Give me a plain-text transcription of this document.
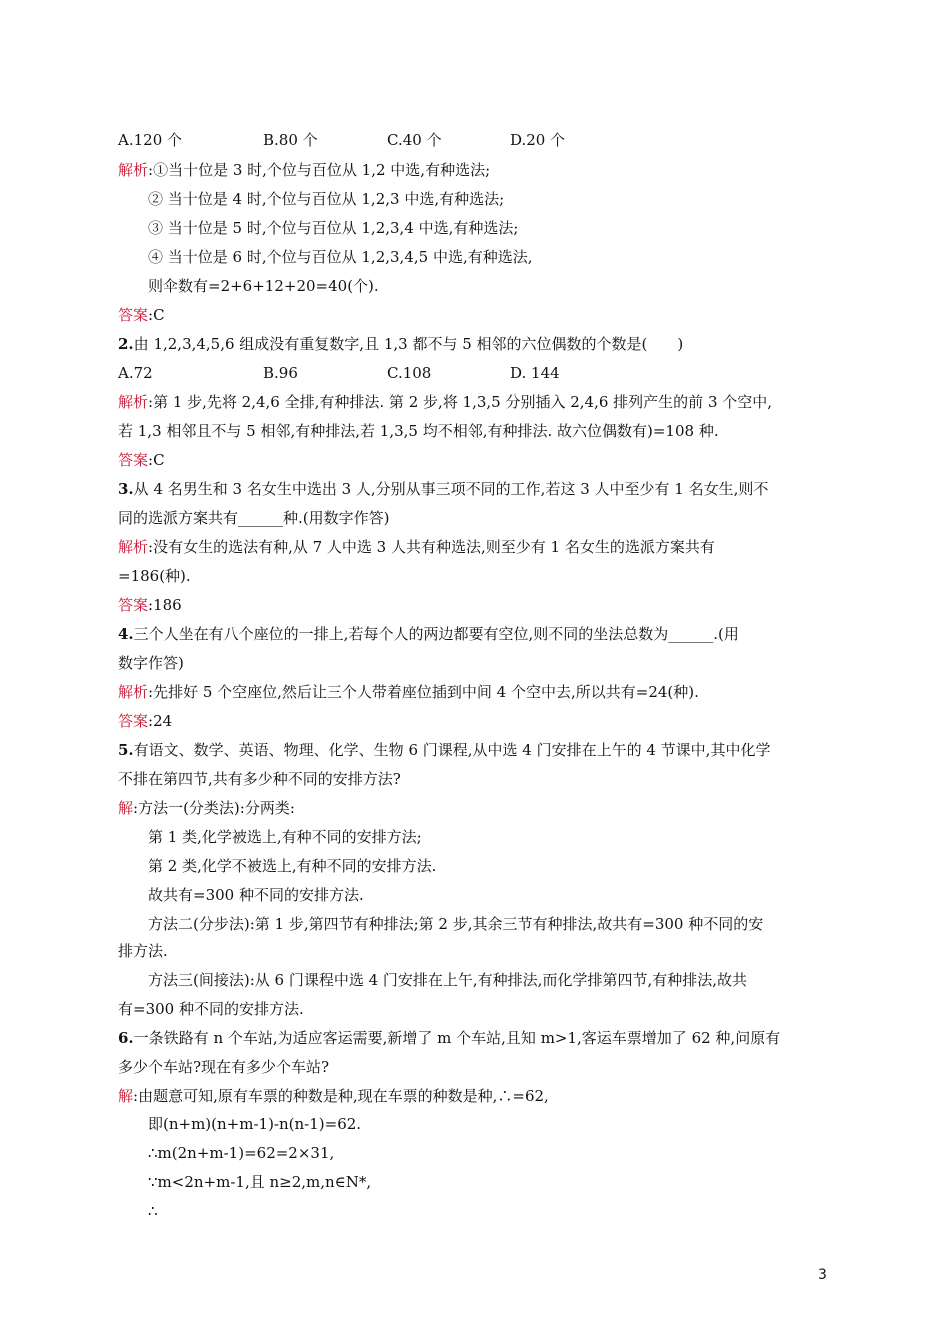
A.120 个	B.80 个	C.40 个	D.20 个
解析:①当十位是 3 时,个位与百位从 1,2 中选,有种选法;
② 当十位是 4 时,个位与百位从 1,2,3 中选,有种选法;
③ 当十位是 5 时,个位与百位从 1,2,3,4 中选,有种选法;
④ 当十位是 6 时,个位与百位从 1,2,3,4,5 中选,有种选法,
则伞数有=2+6+12+20=40(个).
答案:C
2.由 1,2,3,4,5,6 组成没有重复数字,且 1,3 都不与 5 相邻的六位偶数的个数是(　　)
A.72	B.96	C.108	D. 144
解析:第 1 步,先将 2,4,6 全排,有种排法. 第 2 步,将 1,3,5 分别插入 2,4,6 排列产生的前 3 个空中,
若 1,3 相邻且不与 5 相邻,有种排法,若 1,3,5 均不相邻,有种排法. 故六位偶数有)=108 种.
答案:C
3.从 4 名男生和 3 名女生中选出 3 人,分别从事三项不同的工作,若这 3 人中至少有 1 名女生,则不
同的选派方案共有______种.(用数字作答)
解析:没有女生的选法有种,从 7 人中选 3 人共有种选法,则至少有 1 名女生的选派方案共有
=186(种).
答案:186
4.三个人坐在有八个座位的一排上,若每个人的两边都要有空位,则不同的坐法总数为______.(用
数字作答)
解析:先排好 5 个空座位,然后让三个人带着座位插到中间 4 个空中去,所以共有=24(种).
答案:24
5.有语文、数学、英语、物理、化学、生物 6 门课程,从中选 4 门安排在上午的 4 节课中,其中化学
不排在第四节,共有多少种不同的安排方法?
解:方法一(分类法):分两类:
第 1 类,化学被选上,有种不同的安排方法;
第 2 类,化学不被选上,有种不同的安排方法.
故共有=300 种不同的安排方法.
方法二(分步法):第 1 步,第四节有种排法;第 2 步,其余三节有种排法,故共有=300 种不同的安
排方法.
方法三(间接法):从 6 门课程中选 4 门安排在上午,有种排法,而化学排第四节,有种排法,故共
有=300 种不同的安排方法.
6.一条铁路有 n 个车站,为适应客运需要,新增了 m 个车站,且知 m>1,客运车票增加了 62 种,问原有
多少个车站?现在有多少个车站?
解:由题意可知,原有车票的种数是种,现在车票的种数是种,∴=62,
即(n+m)(n+m-1)-n(n-1)=62.
∴m(2n+m-1)=62=2×31,
∵m<2n+m-1,且 n≥2,m,n∈N*,
∴
3
